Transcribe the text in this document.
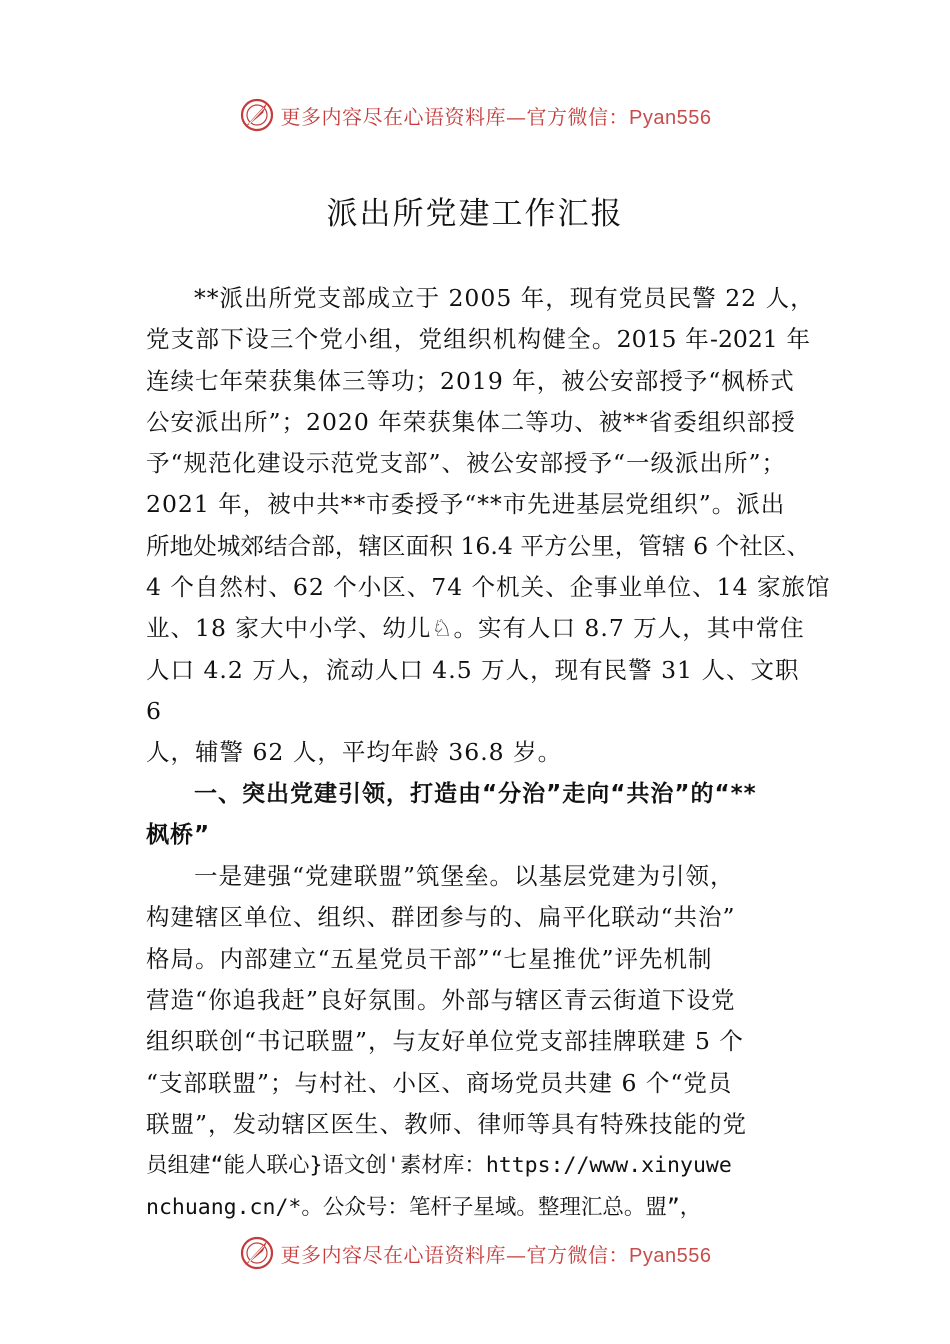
更多内容尽在心语资料库—官方微信：Pyan556
派出所党建工作汇报
**派出所党支部成立于 2005 年，现有党员民警 22 人，
党支部下设三个党小组，党组织机构健全。2015 年-2021 年
连续七年荣获集体三等功；2019 年，被公安部授予“枫桥式
公安派出所”；2020 年荣获集体二等功、被**省委组织部授
予“规范化建设示范党支部”、被公安部授予“一级派出所”；
2021 年，被中共**市委授予“**市先进基层党组织”。派出
所地处城郊结合部，辖区面积 16.4 平方公里，管辖 6 个社区、
4 个自然村、62 个小区、74 个机关、企事业单位、14 家旅馆
业、18 家大中小学、幼儿♘。实有人口 8.7 万人，其中常住
人口 4.2 万人，流动人口 4.5 万人，现有民警 31 人、文职
6
人，辅警 62 人，平均年龄 36.8 岁。
一、突出党建引领，打造由“分治”走向“共治”的“**
枫桥”
一是建强“党建联盟”筑堡垒。以基层党建为引领，
构建辖区单位、组织、群团参与的、扁平化联动“共治”
格局。内部建立“五星党员干部”“七星推优”评先机制
营造“你追我赶”良好氛围。外部与辖区青云街道下设党
组织联创“书记联盟”，与友好单位党支部挂牌联建 5 个
“支部联盟”；与村社、小区、商场党员共建 6 个“党员
联盟”，发动辖区医生、教师、律师等具有特殊技能的党
员组建“能人联心}语文创'素材库：https://www.xinyuwe
nchuang.cn/*。公众号：笔杆子星域。整理汇总。盟”，
更多内容尽在心语资料库—官方微信：Pyan556
